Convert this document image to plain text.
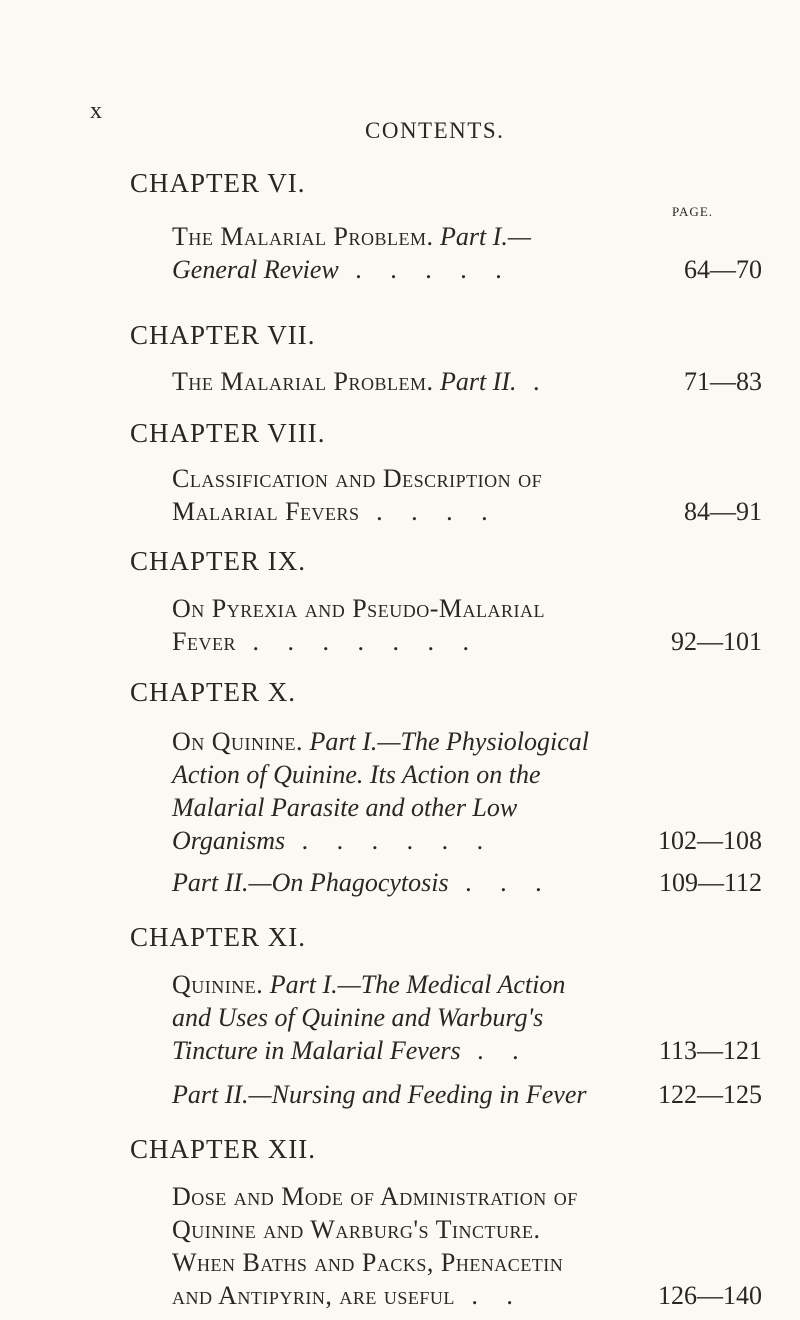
x
CONTENTS.
PAGE.
CHAPTER VI.
The Malarial Problem. Part I.—
General Review . . . . .	64—70
CHAPTER VII.
The Malarial Problem. Part II. .	71—83
CHAPTER VIII.
Classification and Description of
Malarial Fevers . . . .	84—91
CHAPTER IX.
On Pyrexia and Pseudo-Malarial
Fever . . . . . . .	92—101
CHAPTER X.
On Quinine. Part I.—The Physiological
Action of Quinine. Its Action on the
Malarial Parasite and other Low
Organisms . . . . . .	102—108
Part II.—On Phagocytosis . . .	109—112
CHAPTER XI.
Quinine. Part I.—The Medical Action
and Uses of Quinine and Warburg's
Tincture in Malarial Fevers . .	113—121
Part II.—Nursing and Feeding in Fever	122—125
CHAPTER XII.
Dose and Mode of Administration of
Quinine and Warburg's Tincture.
When Baths and Packs, Phenacetin
and Antipyrin, are useful . .	126—140
